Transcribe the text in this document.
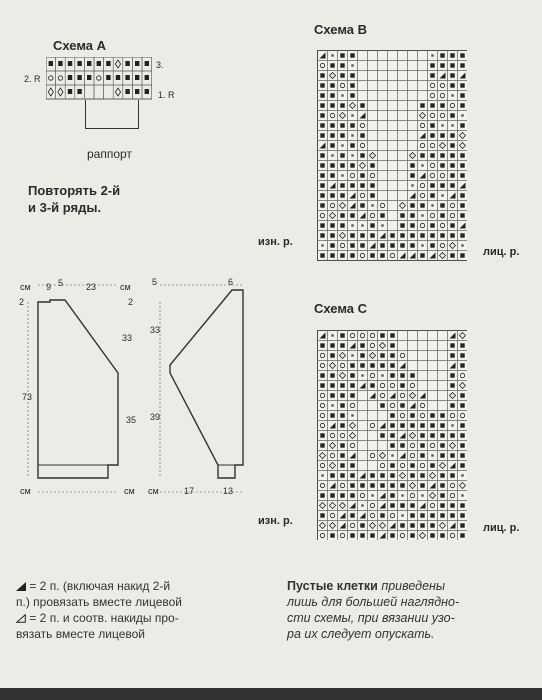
Схема А
2. R
3.
1. R
раппорт
Повторять 2-й
и 3-й ряды.
Схема В
изн. р.
лиц. р.
Схема С
изн. р.
лиц. р.
см 9 5	23
2
73
см
см 5	6
2
33
33
35 39
см см	17	13
= 2 п. (включая накид 2-й
п.) провязать вместе лицевой
= 2 п. и соотв. накиды про-
вязать вместе лицевой
Пустые клетки приведены
лишь для большей нагляднo-
сти схемы, при вязании узо-
ра их следует опускать.
